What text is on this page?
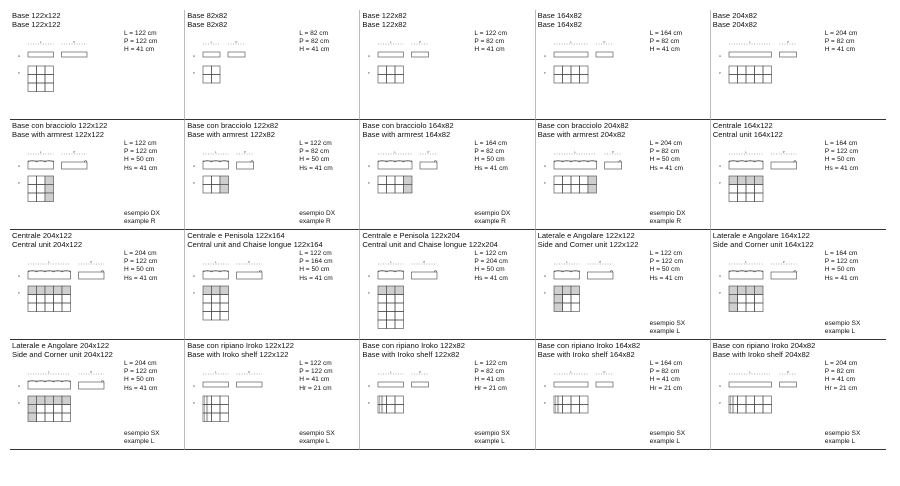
Base 122x122
Base 122x122
L = 122 cm
P = 122 cm
H = 41 cm
L	P
H
P
Base 82x82
Base 82x82
L = 82 cm
P = 82 cm
H = 41 cm
L	P
H
P
Base 122x82
Base 122x82
L = 122 cm
P = 82 cm
H = 41 cm
L	P
H
P
Base 164x82
Base 164x82
L = 164 cm
P = 82 cm
H = 41 cm
L	P
H
P
Base 204x82
Base 204x82
L = 204 cm
P = 82 cm
H = 41 cm
L	P
H
P
Base con bracciolo 122x122
Base with armrest 122x122
L = 122 cm
P = 122 cm
H = 50 cm
Hs = 41 cm
esempio DX
example R
L	P
H
P
Base con bracciolo 122x82
Base with armrest 122x82
L = 122 cm
P = 82 cm
H = 50 cm
Hs = 41 cm
esempio DX
example R
L	P
H
P
Base con bracciolo 164x82
Base with armrest 164x82
L = 164 cm
P = 82 cm
H = 50 cm
Hs = 41 cm
esempio DX
example R
L	P
H
P
Base con bracciolo 204x82
Base with armrest 204x82
L = 204 cm
P = 82 cm
H = 50 cm
Hs = 41 cm
esempio DX
example R
L	P
H
P
Centrale 164x122
Central unit 164x122
L = 164 cm
P = 122 cm
H = 50 cm
Hs = 41 cm
L	P
H
P
Centrale 204x122
Central unit 204x122
L = 204 cm
P = 122 cm
H = 50 cm
Hs = 41 cm
L	P
H
P
Centrale e Penisola 122x164
Central unit and Chaise longue 122x164
L = 122 cm
P = 164 cm
H = 50 cm
Hs = 41 cm
L	P
H
P
Centrale e Penisola 122x204
Central unit and Chaise longue 122x204
L = 122 cm
P = 204 cm
H = 50 cm
Hs = 41 cm
L	P
H
P
Laterale e Angolare 122x122
Side and Corner unit 122x122
L = 122 cm
P = 122 cm
H = 50 cm
Hs = 41 cm
esempio SX
example L
L	P
H
P
Laterale e Angolare 164x122
Side and Corner unit 164x122
L = 164 cm
P = 122 cm
H = 50 cm
Hs = 41 cm
esempio SX
example L
L	P
H
P
Laterale e Angolare 204x122
Side and Corner unit 204x122
L = 204 cm
P = 122 cm
H = 50 cm
Hs = 41 cm
esempio SX
example L
L	P
H
P
Base con ripiano Iroko 122x122
Base with Iroko shelf 122x122
L = 122 cm
P = 122 cm
H = 41 cm
Hr = 21 cm
esempio SX
example L
L	P
H
P
Base con ripiano Iroko 122x82
Base with Iroko shelf 122x82
L = 122 cm
P = 82 cm
H = 41 cm
Hr = 21 cm
esempio SX
example L
L	P
H
P
Base con ripiano Iroko 164x82
Base with Iroko shelf 164x82
L = 164 cm
P = 82 cm
H = 41 cm
Hr = 21 cm
esempio SX
example L
L	P
H
P
Base con ripiano Iroko 204x82
Base with Iroko shelf 204x82
L = 204 cm
P = 82 cm
H = 41 cm
Hr = 21 cm
esempio SX
example L
L	P
H
P
